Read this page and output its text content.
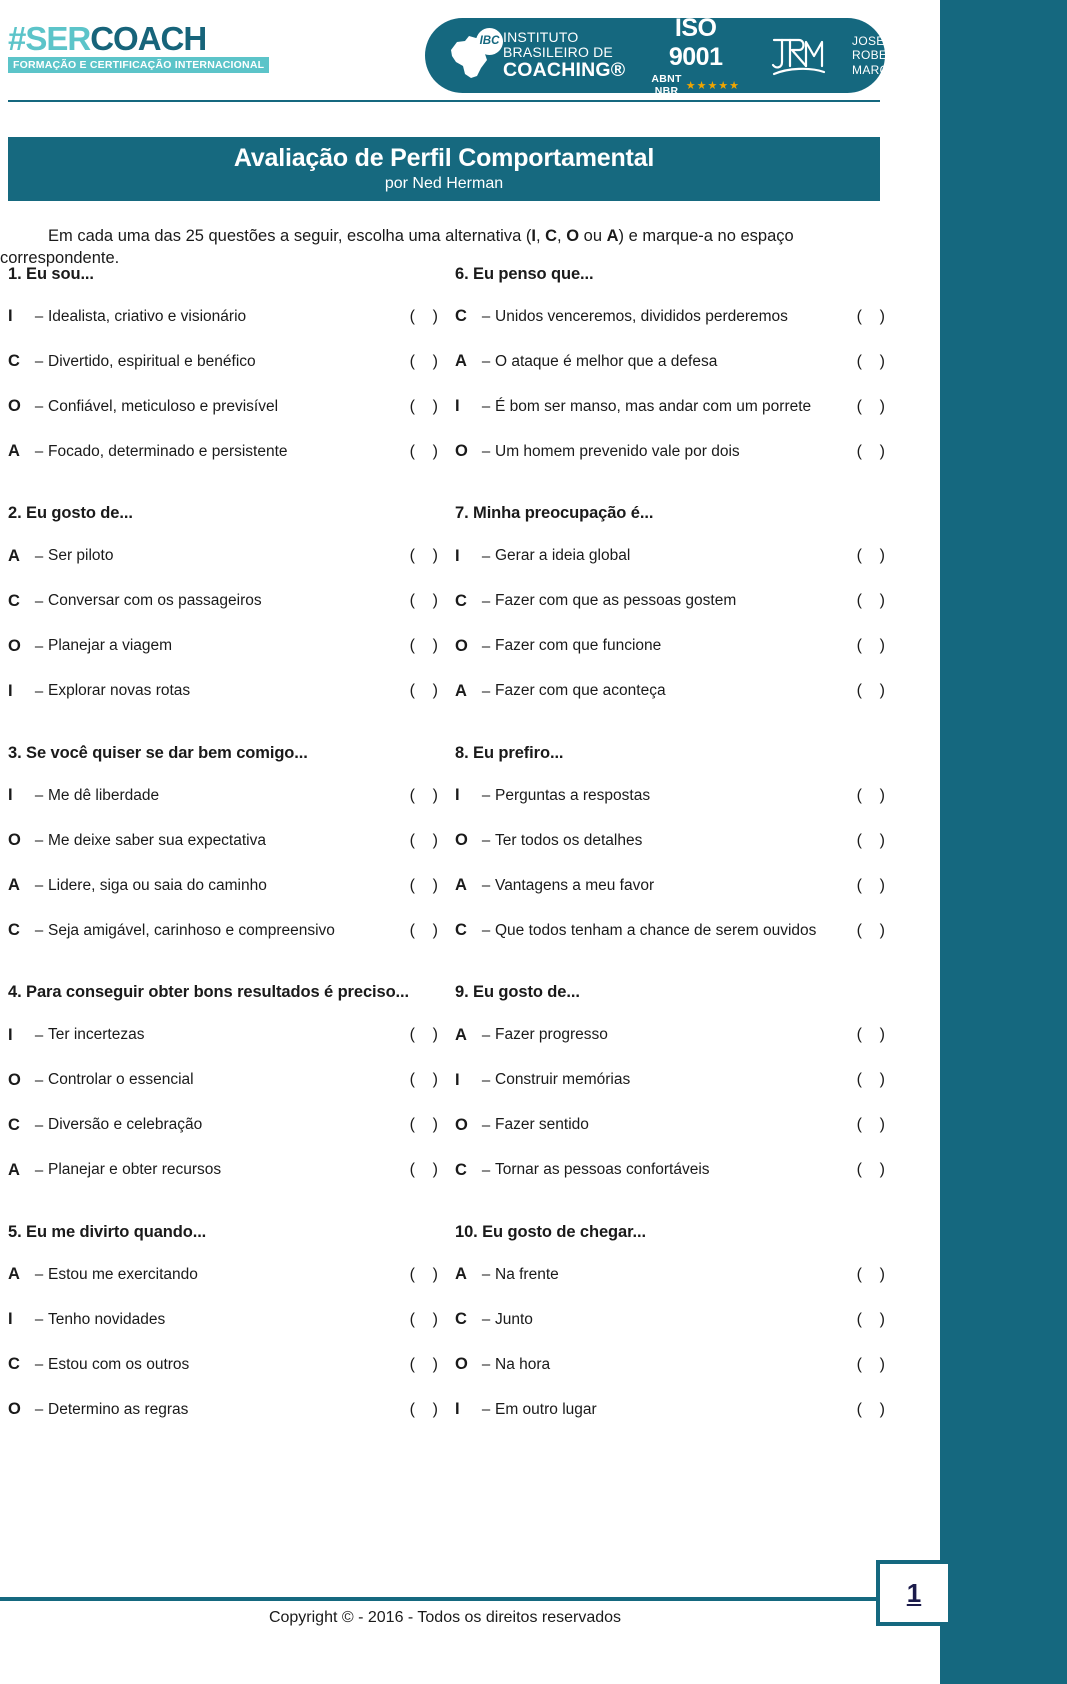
#SERCOACH
FORMAÇÃO E CERTIFICAÇÃO INTERNACIONAL
IBC INSTITUTO
BRASILEIRO DE
COACHING®
ISO 9001
ABNT NBR ★★★★★
JOSÉ
ROBERTO
MARQUES
Avaliação de Perfil Comportamental
por Ned Herman

Em cada uma das 25 questões a seguir, escolha uma alternativa (I, C, O ou A) e marque-a no espaço correspondente.

1. Eu sou...
I	– Idealista, criativo e visionário	(    )
C – Divertido, espiritual e benéfico	(    )
O – Confiável, meticuloso e previsível	(    )
A – Focado, determinado e persistente	(    )
2. Eu gosto de...
A – Ser piloto	(    )
C – Conversar com os passageiros	(    )
O – Planejar a viagem	(    )
I	– Explorar novas rotas	(    )
3. Se você quiser se dar bem comigo...
I	– Me dê liberdade	(    )
O – Me deixe saber sua expectativa	(    )
A – Lidere, siga ou saia do caminho	(    )
C – Seja amigável, carinhoso e compreensivo	(    )
4. Para conseguir obter bons resultados é preciso...
I	– Ter incertezas	(    )
O – Controlar o essencial	(    )
C – Diversão e celebração	(    )
A – Planejar e obter recursos	(    )
5. Eu me divirto quando...
A – Estou me exercitando	(    )
I	– Tenho novidades	(    )
C – Estou com os outros	(    )
O – Determino as regras	(    )
6. Eu penso que...
C – Unidos venceremos, divididos perderemos	(    )
A – O ataque é melhor que a defesa	(    )
I	– É bom ser manso, mas andar com um porrete	(    )
O – Um homem prevenido vale por dois	(    )
7. Minha preocupação é...
I	– Gerar a ideia global	(    )
C – Fazer com que as pessoas gostem	(    )
O – Fazer com que funcione	(    )
A – Fazer com que aconteça	(    )
8. Eu prefiro...
I	– Perguntas a respostas	(    )
O – Ter todos os detalhes	(    )
A – Vantagens a meu favor	(    )
C – Que todos tenham a chance de serem ouvidos	(    )
9. Eu gosto de...
A – Fazer progresso	(    )
I	– Construir memórias	(    )
O – Fazer sentido	(    )
C – Tornar as pessoas confortáveis	(    )
10. Eu gosto de chegar...
A – Na frente	(    )
C – Junto	(    )
O – Na hora	(    )
I	– Em outro lugar	(    )
1
Copyright © - 2016 - Todos os direitos reservados
